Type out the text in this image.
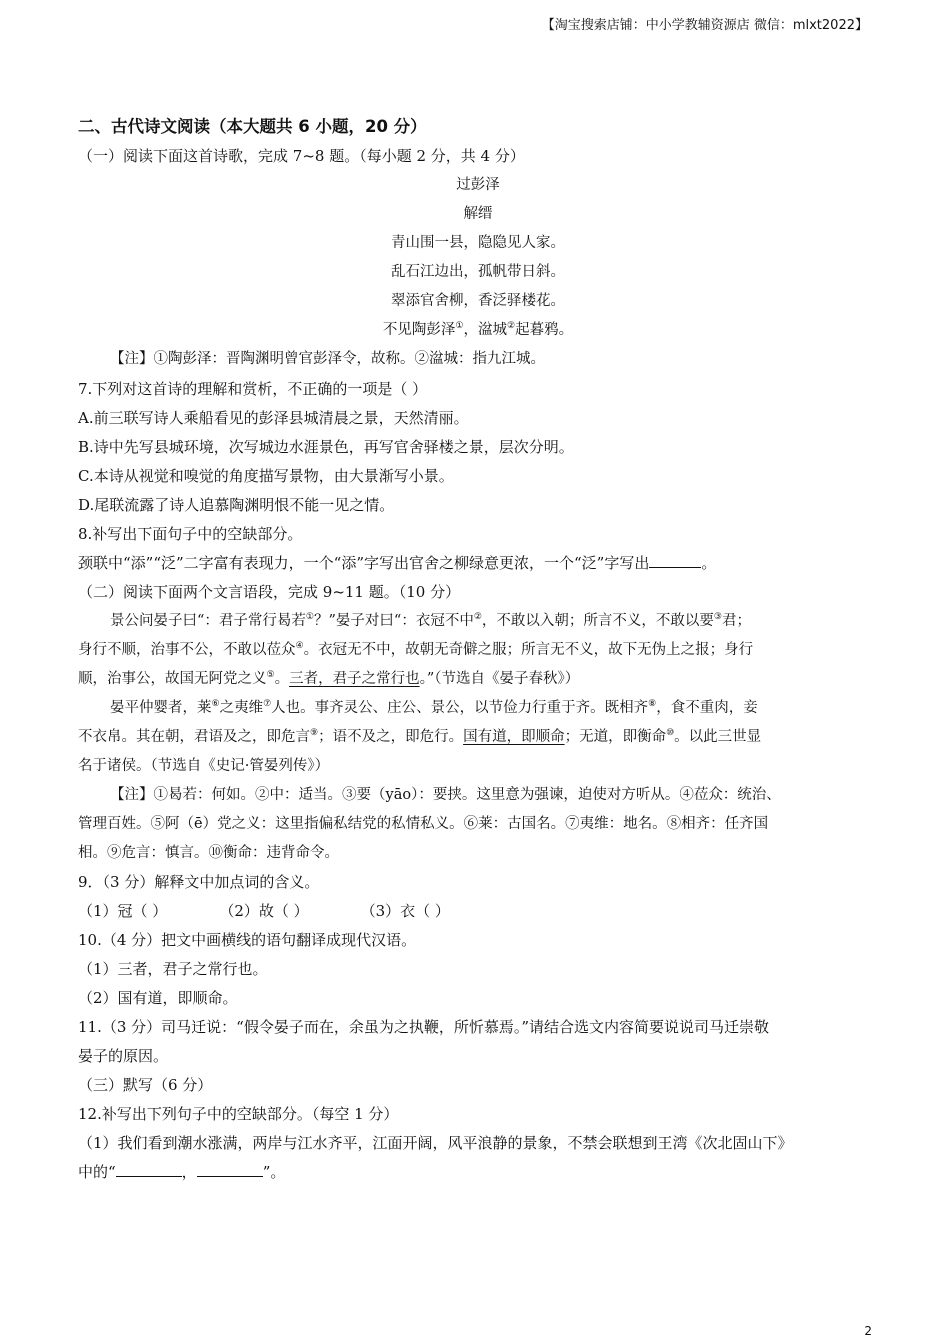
【淘宝搜索店铺：中小学教辅资源店 微信：mlxt2022】
二、古代诗文阅读（本大题共 6 小题，20 分）
（一）阅读下面这首诗歌，完成 7~8 题。（每小题 2 分，共 4 分）
过彭泽
解缙
青山围一县，隐隐见人家。
乱石江边出，孤帆带日斜。
翠添官舍柳，香泛驿楼花。
不见陶彭泽①，湓城②起暮鸦。
【注】①陶彭泽：晋陶渊明曾官彭泽令，故称。②湓城：指九江城。
7.下列对这首诗的理解和赏析，不正确的一项是（ ）
A.前三联写诗人乘船看见的彭泽县城清晨之景，天然清丽。
B.诗中先写县城环境，次写城边水涯景色，再写官舍驿楼之景，层次分明。
C.本诗从视觉和嗅觉的角度描写景物，由大景渐写小景。
D.尾联流露了诗人追慕陶渊明恨不能一见之情。
8.补写出下面句子中的空缺部分。
颈联中“添”“泛”二字富有表现力，一个“添”字写出官舍之柳绿意更浓，一个“泛”字写出	。
（二）阅读下面两个文言语段，完成 9~11 题。（10 分）
景公问晏子曰“：君子常行曷若①？”晏子对曰“：衣冠不中②，不敢以入朝；所言不义，不敢以要③君；
身行不顺，治事不公，不敢以莅众④。衣冠无不中，故朝无奇僻之服；所言无不义，故下无伪上之报；身行
顺，治事公，故国无阿党之义⑤。三者，君子之常行也。”（节选自《晏子春秋》）
晏平仲婴者，莱⑥之夷维⑦人也。事齐灵公、庄公、景公，以节俭力行重于齐。既相齐⑧，食不重肉，妾
不衣帛。其在朝，君语及之，即危言⑨；语不及之，即危行。国有道，即顺命；无道，即衡命⑩。以此三世显
名于诸侯。（节选自《史记·管晏列传》）
【注】①曷若：何如。②中：适当。③要（yāo）：要挟。这里意为强谏，迫使对方听从。④莅众：统治、
管理百姓。⑤阿（ē）党之义：这里指偏私结党的私情私义。⑥莱：古国名。⑦夷维：地名。⑧相齐：任齐国
相。⑨危言：慎言。⑩衡命：违背命令。
9．（3 分）解释文中加点词的含义。
（1）冠（ ）	（2）故（ ）	（3）衣（ ）
10.（4 分）把文中画横线的语句翻译成现代汉语。
（1）三者，君子之常行也。
（2）国有道，即顺命。
11.（3 分）司马迁说：“假令晏子而在，余虽为之执鞭，所忻慕焉。”请结合选文内容简要说说司马迁崇敬
晏子的原因。
（三）默写（6 分）
12.补写出下列句子中的空缺部分。（每空 1 分）
（1）我们看到潮水涨满，两岸与江水齐平，江面开阔，风平浪静的景象，不禁会联想到王湾《次北固山下》
中的“	，	”。
2
